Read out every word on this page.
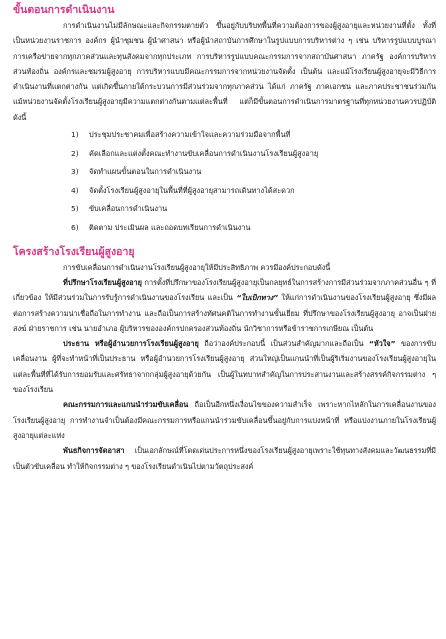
ขั้นตอนการดำเนินงาน

การดำเนินงานไม่มีลักษณะและกิจกรรมตายตัว ขึ้นอยู่กับบริบทพื้นที่ความต้องการของผู้สูงอายุและหน่วยงานที่ตั้ง ทั้งที่เป็นหน่วยงานราชการ องค์กร ผู้นำชุมชน ผู้นำศาสนา หรือผู้นำสถาบันการศึกษาในรูปแบบการบริหารต่าง ๆ เช่น บริหารรูปแบบบูรณาการเครือข่ายจากทุกภาคส่วนและทุนสังคมจากทุกประเภท การบริหารรูปแบบคณะกรรมการจากสถาบันศาสนา ภาครัฐ องค์การบริหารส่วนท้องถิ่น องค์กรและชมรมผู้สูงอายุ การบริหารแบบมีคณะกรรมการจากหน่วยงานจัดตั้ง เป็นต้น และแม้โรงเรียนผู้สูงอายุจะมีวิธีการดำเนินงานที่แตกต่างกัน แต่เกิดขึ้นภายใต้กระบวนการมีส่วนร่วมจากทุกภาคส่วน ได้แก่ ภาครัฐ ภาคเอกชน และภาคประชาชนร่วมกัน แม้หน่วยงานจัดตั้งโรงเรียนผู้สูงอายุมีความแตกต่างกันตามแต่ละพื้นที่ แต่ก็มีขั้นตอนการดำเนินการมาตรฐานที่ทุกหน่วยงานควรปฏิบัติดังนี้

1)	ประชุมประชาคมเพื่อสร้างความเข้าใจและความร่วมมือจากพื้นที่
2)	คัดเลือกและแต่งตั้งคณะทำงานขับเคลื่อนการดำเนินงานโรงเรียนผู้สูงอายุ
3)	จัดทำแผนขั้นตอนในการดำเนินงาน
4)	จัดตั้งโรงเรียนผู้สูงอายุในพื้นที่ที่ผู้สูงอายุสามารถเดินทางได้สะดวก
5)	ขับเคลื่อนการดำเนินงาน
6)	ติดตาม ประเมินผล และถอดบทเรียนการดำเนินงาน
โครงสร้างโรงเรียนผู้สูงอายุ

การขับเคลื่อนการดำเนินงานโรงเรียนผู้สูงอายุให้มีประสิทธิภาพ ควรมีองค์ประกอบดังนี้

ที่ปรึกษาโรงเรียนผู้สูงอายุ การตั้งที่ปรึกษาของโรงเรียนผู้สูงอายุเป็นกลยุทธ์ในการสร้างการมีส่วนร่วมจากภาคส่วนอื่น ๆ ที่เกี่ยวข้อง ให้มีส่วนร่วมในการรับรู้การดำเนินงานของโรงเรียน และเป็น “ใบเบิกทาง” ให้แก่การดำเนินงานของโรงเรียนผู้สูงอายุ ซึ่งมีผลต่อการสร้างความน่าเชื่อถือในการทำงาน และถือเป็นการสร้างทัศนคติในการทำงานขั้นเยี่ยม ที่ปรึกษาของโรงเรียนผู้สูงอายุ อาจเป็นฝ่ายสงฆ์ ฝ่ายราชการ เช่น นายอำเภอ ผู้บริหารขององค์กรปกครองส่วนท้องถิ่น นักวิชาการหรือข้าราชการเกษียณ เป็นต้น

ประธาน หรือผู้อำนวยการโรงเรียนผู้สูงอายุ ถือว่าองค์ประกอบนี้ เป็นส่วนสำคัญมากและถือเป็น “หัวใจ” ของการขับเคลื่อนงาน ผู้ที่จะทำหน้าที่เป็นประธาน หรือผู้อำนวยการโรงเรียนผู้สูงอายุ ส่วนใหญ่เป็นแกนนำที่เป็นผู้ริเริ่มงานของโรงเรียนผู้สูงอายุในแต่ละพื้นที่ที่ได้รับการยอมรับและศรัทธาจากกลุ่มผู้สูงอายุด้วยกัน เป็นผู้ในทบาทสำคัญในการประสานงานและสร้างสรรค์กิจกรรมต่าง ๆ ของโรงเรียน

คณะกรรมการและแกนนำร่วมขับเคลื่อน ถือเป็นอีกหนึ่งเงื่อนไขของความสำเร็จ เพราะหากไหลักในการเคลื่อนงานของโรงเรียนผู้สูงอายุ การทำงานจำเป็นต้องมีคณะกรรมการหรือแกนนำร่วมขับเคลื่อนขึ้นอยู่กับการแบ่งหน้าที่ หรือแบ่งงานภายในโรงเรียนผู้สูงอายุแต่ละแห่ง

พันธกิจการจัดอาสา เป็นเอกลักษณ์ที่โดดเด่นประการหนึ่งของโรงเรียนผู้สูงอายุเพราะใช้ทุนทางสังคมและวัฒนธรรมที่มีเป็นตัวขับเคลื่อน ทำให้กิจกรรมต่าง ๆ ของโรงเรียนดำเนินไปตามวัตถุประสงค์
